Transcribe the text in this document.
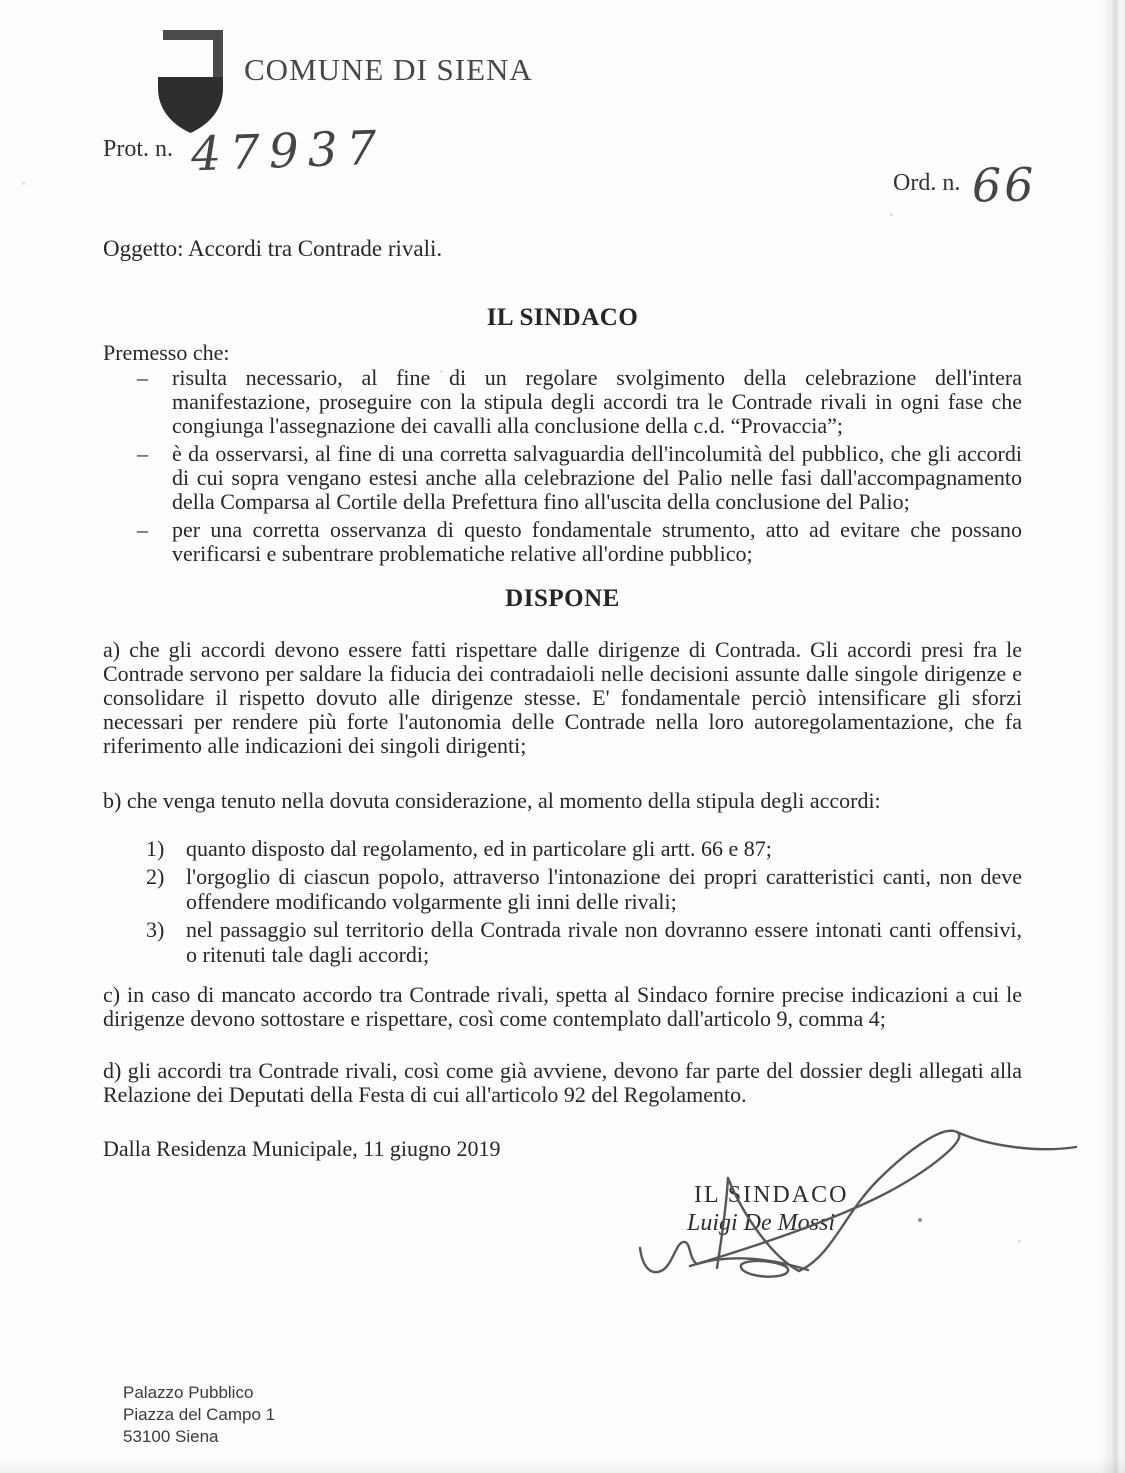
COMUNE DI SIENA
Prot. n. 47937
Ord. n. 66

Oggetto: Accordi tra Contrade rivali.

IL SINDACO

Premesso che:

–	risulta necessario, al fine di un regolare svolgimento della celebrazione dell'intera manifestazione, proseguire con la stipula degli accordi tra le Contrade rivali in ogni fase che congiunga l'assegnazione dei cavalli alla conclusione della c.d. “Provaccia”;

–	è da osservarsi, al fine di una corretta salvaguardia dell'incolumità del pubblico, che gli accordi di cui sopra vengano estesi anche alla celebrazione del Palio nelle fasi dall'accompagnamento della Comparsa al Cortile della Prefettura fino all'uscita della conclusione del Palio;

–	per una corretta osservanza di questo fondamentale strumento, atto ad evitare che possano verificarsi e subentrare problematiche relative all'ordine pubblico;

DISPONE

a) che gli accordi devono essere fatti rispettare dalle dirigenze di Contrada. Gli accordi presi fra le Contrade servono per saldare la fiducia dei contradaioli nelle decisioni assunte dalle singole dirigenze e consolidare il rispetto dovuto alle dirigenze stesse. E' fondamentale perciò intensificare gli sforzi necessari per rendere più forte l'autonomia delle Contrade nella loro autoregolamentazione, che fa riferimento alle indicazioni dei singoli dirigenti;

b) che venga tenuto nella dovuta considerazione, al momento della stipula degli accordi:

1) quanto disposto dal regolamento, ed in particolare gli artt. 66 e 87;

2) l'orgoglio di ciascun popolo, attraverso l'intonazione dei propri caratteristici canti, non deve offendere modificando volgarmente gli inni delle rivali;

3) nel passaggio sul territorio della Contrada rivale non dovranno essere intonati canti offensivi, o ritenuti tale dagli accordi;

c) in caso di mancato accordo tra Contrade rivali, spetta al Sindaco fornire precise indicazioni a cui le dirigenze devono sottostare e rispettare, così come contemplato dall'articolo 9, comma 4;

d) gli accordi tra Contrade rivali, così come già avviene, devono far parte del dossier degli allegati alla Relazione dei Deputati della Festa di cui all'articolo 92 del Regolamento.

Dalla Residenza Municipale, 11 giugno 2019

IL SINDACO
Luigi De Mossi
Palazzo Pubblico
Piazza del Campo 1
53100 Siena
